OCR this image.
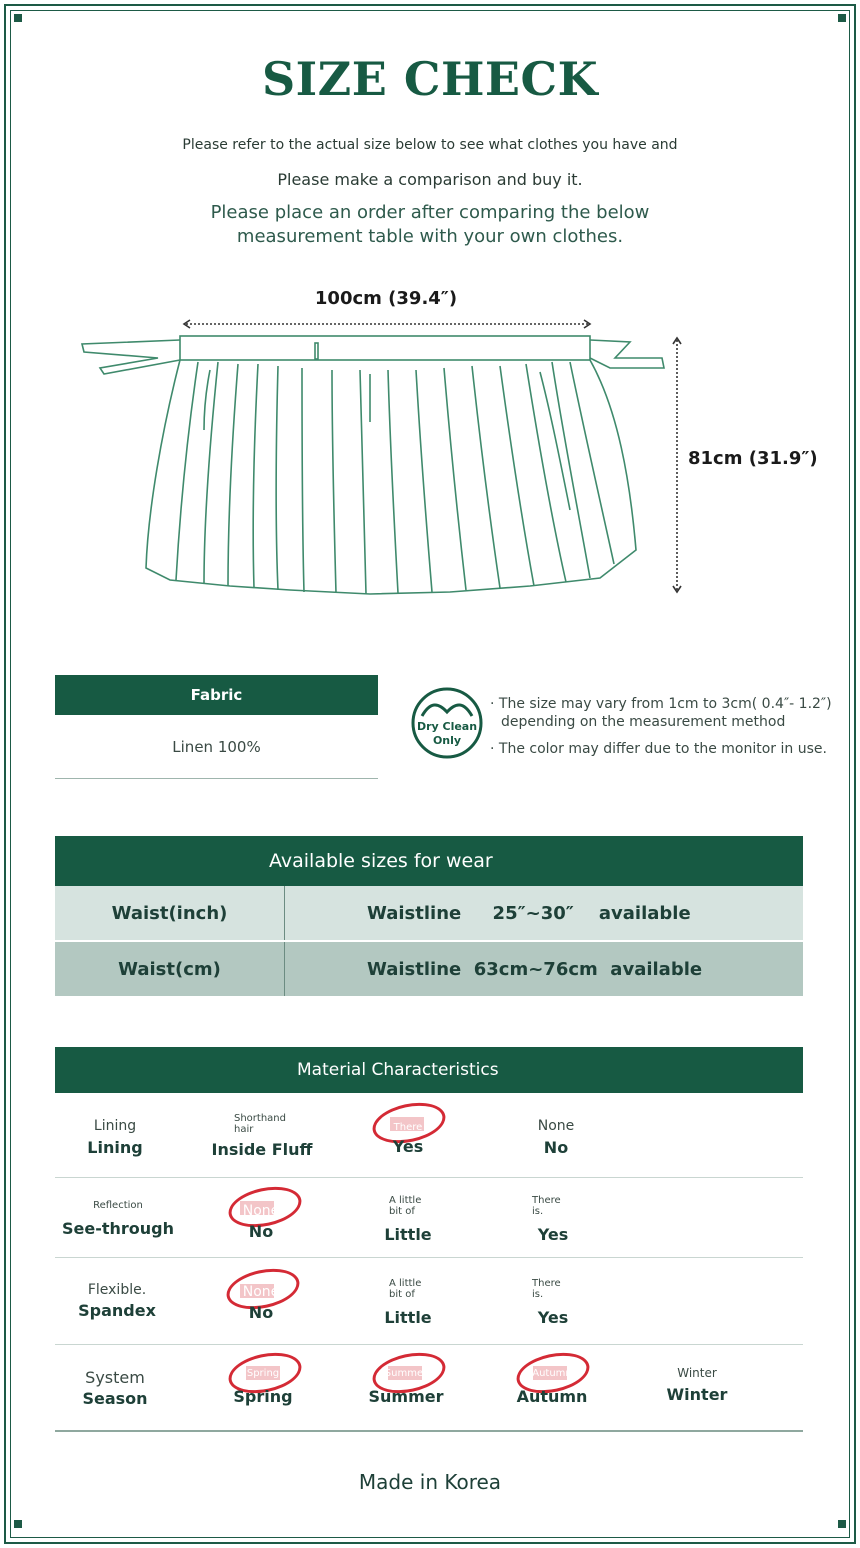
SIZE CHECK
Please refer to the actual size below to see what clothes you have and
Please make a comparison and buy it.
Please place an order after comparing the below
measurement table with your own clothes.
100cm (39.4″)
81cm (31.9″)
Fabric
Linen 100%
Dry Clean
Only
· The size may vary from 1cm to 3cm( 0.4″- 1.2″)
depending on the measurement method
· The color may differ due to the monitor in use.
Available sizes for wear
Waist(inch)	Waistline     25″~30″    available
Waist(cm)	Waistline  63cm~76cm  available
Material Characteristics
Lining
Lining
Shorthand
hair
Inside Fluff
There
Yes
None
No
Reflection
See-through
None
No
A little
bit of
Little
There
is.
Yes
Flexible.
Spandex
None
No
A little
bit of
Little
There
is.
Yes
System
Season
Spring
Spring
Summer
Summer
Autumn
Autumn
Winter
Winter
Made in Korea
